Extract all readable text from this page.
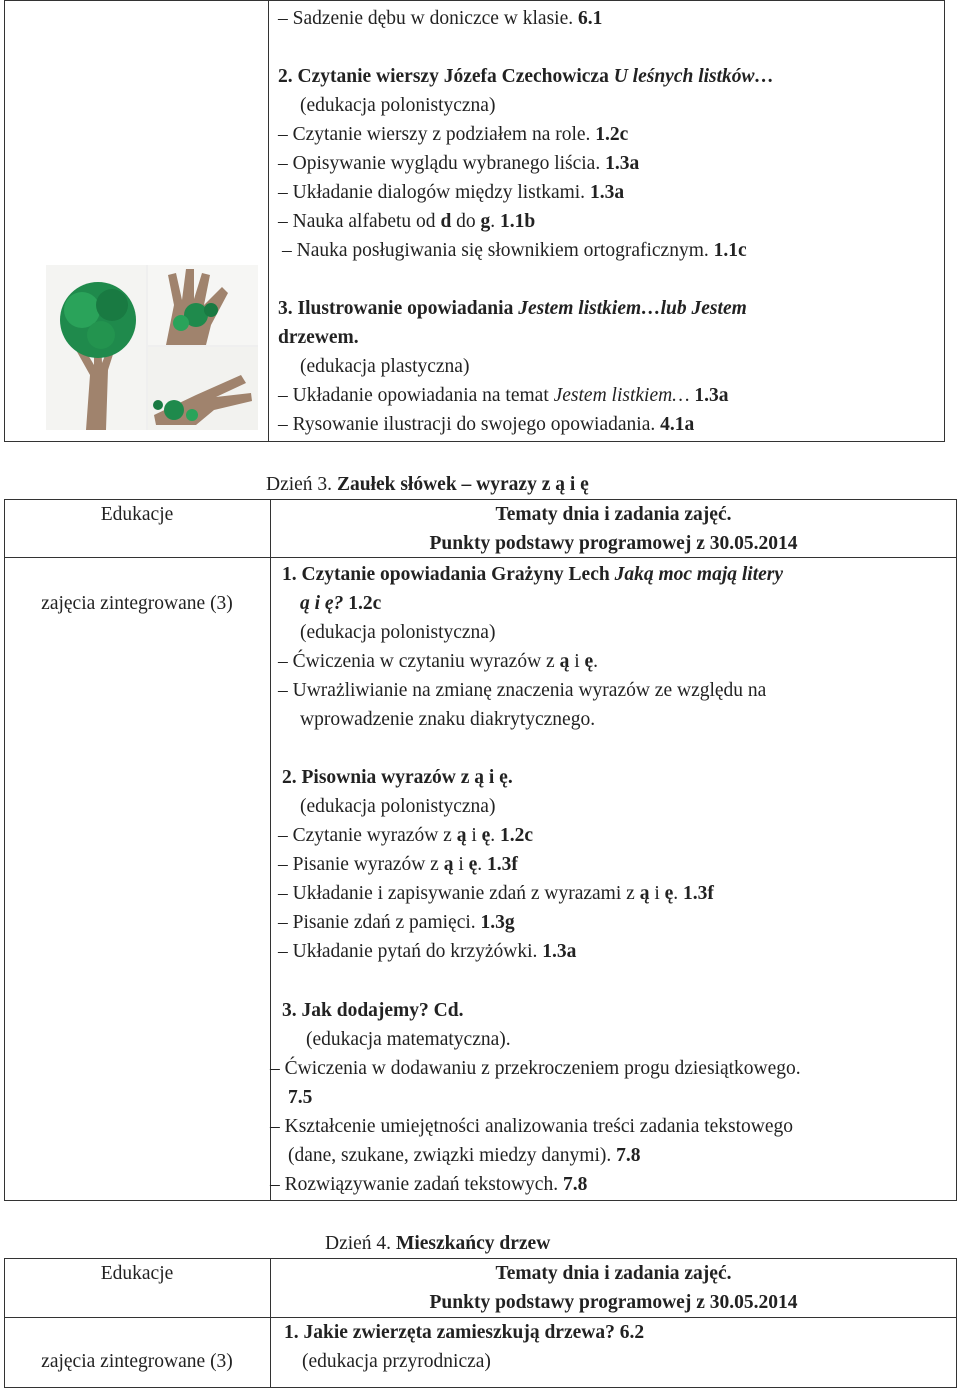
– Sadzenie dębu w doniczce w klasie. 6.1
2. Czytanie wierszy Józefa Czechowicza U leśnych listków…
(edukacja polonistyczna)
– Czytanie wierszy z podziałem na role. 1.2c
– Opisywanie wyglądu wybranego liścia. 1.3a
– Układanie dialogów między listkami. 1.3a
– Nauka alfabetu od d do g. 1.1b
– Nauka posługiwania się słownikiem ortograficznym. 1.1c
3. Ilustrowanie opowiadania Jestem listkiem…lub Jestem
drzewem.
(edukacja plastyczna)
– Układanie opowiadania na temat Jestem listkiem… 1.3a
– Rysowanie ilustracji do swojego opowiadania. 4.1a
Dzień 3. Zaułek słówek – wyrazy z ą i ę
Edukacje	Tematy dnia i zadania zajęć.
Punkty podstawy programowej z 30.05.2014
zajęcia zintegrowane (3)
1. Czytanie opowiadania Grażyny Lech Jaką moc mają litery
ą i ę? 1.2c
(edukacja polonistyczna)
– Ćwiczenia w czytaniu wyrazów z ą i ę.
– Uwrażliwianie na zmianę znaczenia wyrazów ze względu na
wprowadzenie znaku diakrytycznego.
2. Pisownia wyrazów z ą i ę.
(edukacja polonistyczna)
– Czytanie wyrazów z ą i ę. 1.2c
– Pisanie wyrazów z ą i ę. 1.3f
– Układanie i zapisywanie zdań z wyrazami z ą i ę. 1.3f
– Pisanie zdań z pamięci. 1.3g
– Układanie pytań do krzyżówki. 1.3a
3. Jak dodajemy? Cd.
(edukacja matematyczna).
– Ćwiczenia w dodawaniu z przekroczeniem progu dziesiątkowego.
7.5
– Kształcenie umiejętności analizowania treści zadania tekstowego
(dane, szukane, związki miedzy danymi). 7.8
– Rozwiązywanie zadań tekstowych. 7.8
Dzień 4. Mieszkańcy drzew
Edukacje	Tematy dnia i zadania zajęć.
Punkty podstawy programowej z 30.05.2014
zajęcia zintegrowane (3)
1. Jakie zwierzęta zamieszkują drzewa? 6.2
(edukacja przyrodnicza)
